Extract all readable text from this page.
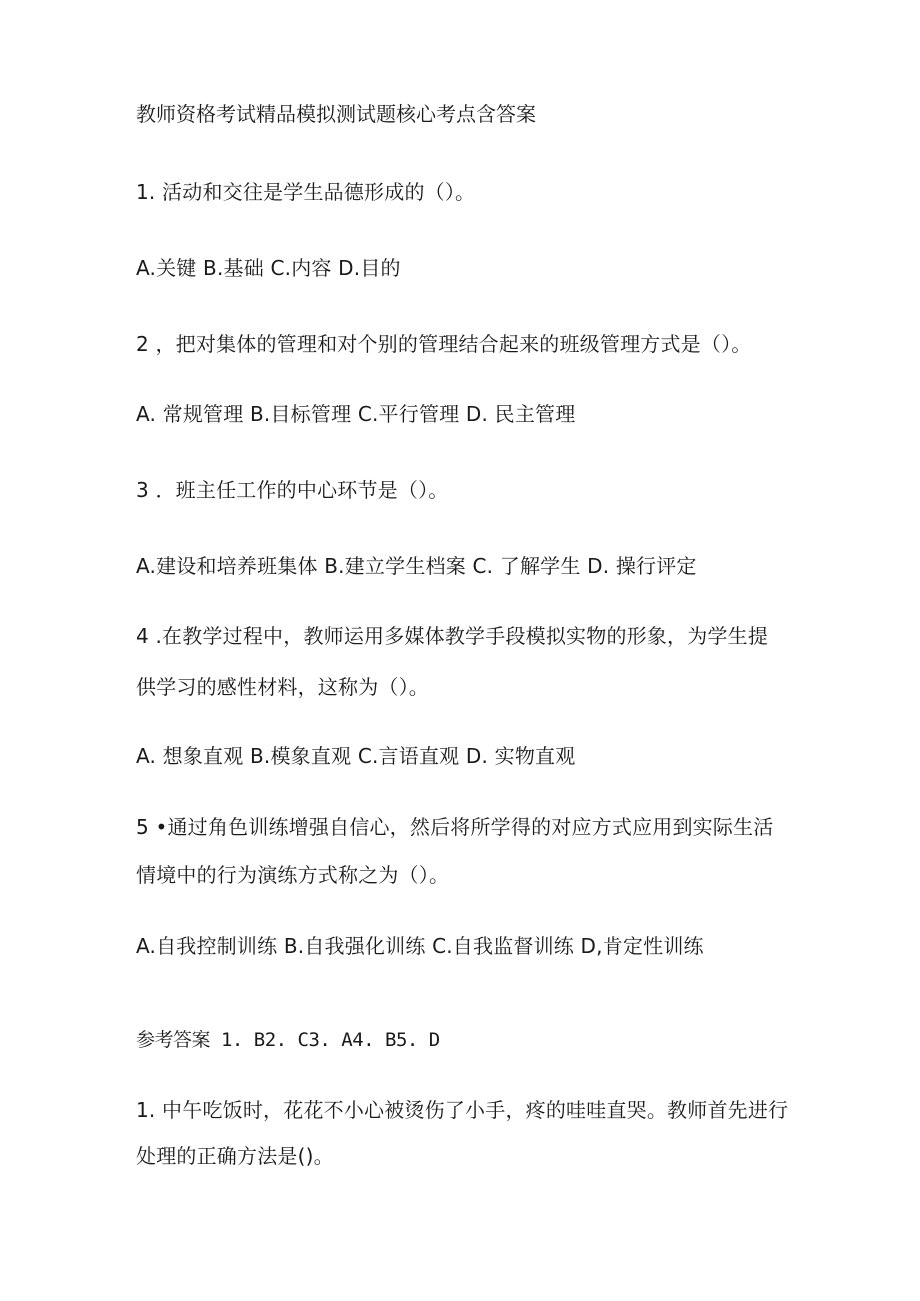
教师资格考试精品模拟测试题核心考点含答案
1. 活动和交往是学生品德形成的（）。
A.关键 B.基础 C.内容 D.目的
2 ，把对集体的管理和对个别的管理结合起来的班级管理方式是（）。
A. 常规管理 B.目标管理 C.平行管理 D. 民主管理
3 ．班主任工作的中心环节是（）。
A.建设和培养班集体 B.建立学生档案 C. 了解学生 D. 操行评定
4 .在教学过程中，教师运用多媒体教学手段模拟实物的形象，为学生提
供学习的感性材料，这称为（）。
A. 想象直观 B.模象直观 C.言语直观 D. 实物直观
5 •通过角色训练增强自信心，然后将所学得的对应方式应用到实际生活
情境中的行为演练方式称之为（）。
A.自我控制训练 B.自我强化训练 C.自我监督训练 D,肯定性训练
参考答案 1. B2. C3. A4. B5. D
1. 中午吃饭时，花花不小心被烫伤了小手，疼的哇哇直哭。教师首先进行
处理的正确方法是()。
